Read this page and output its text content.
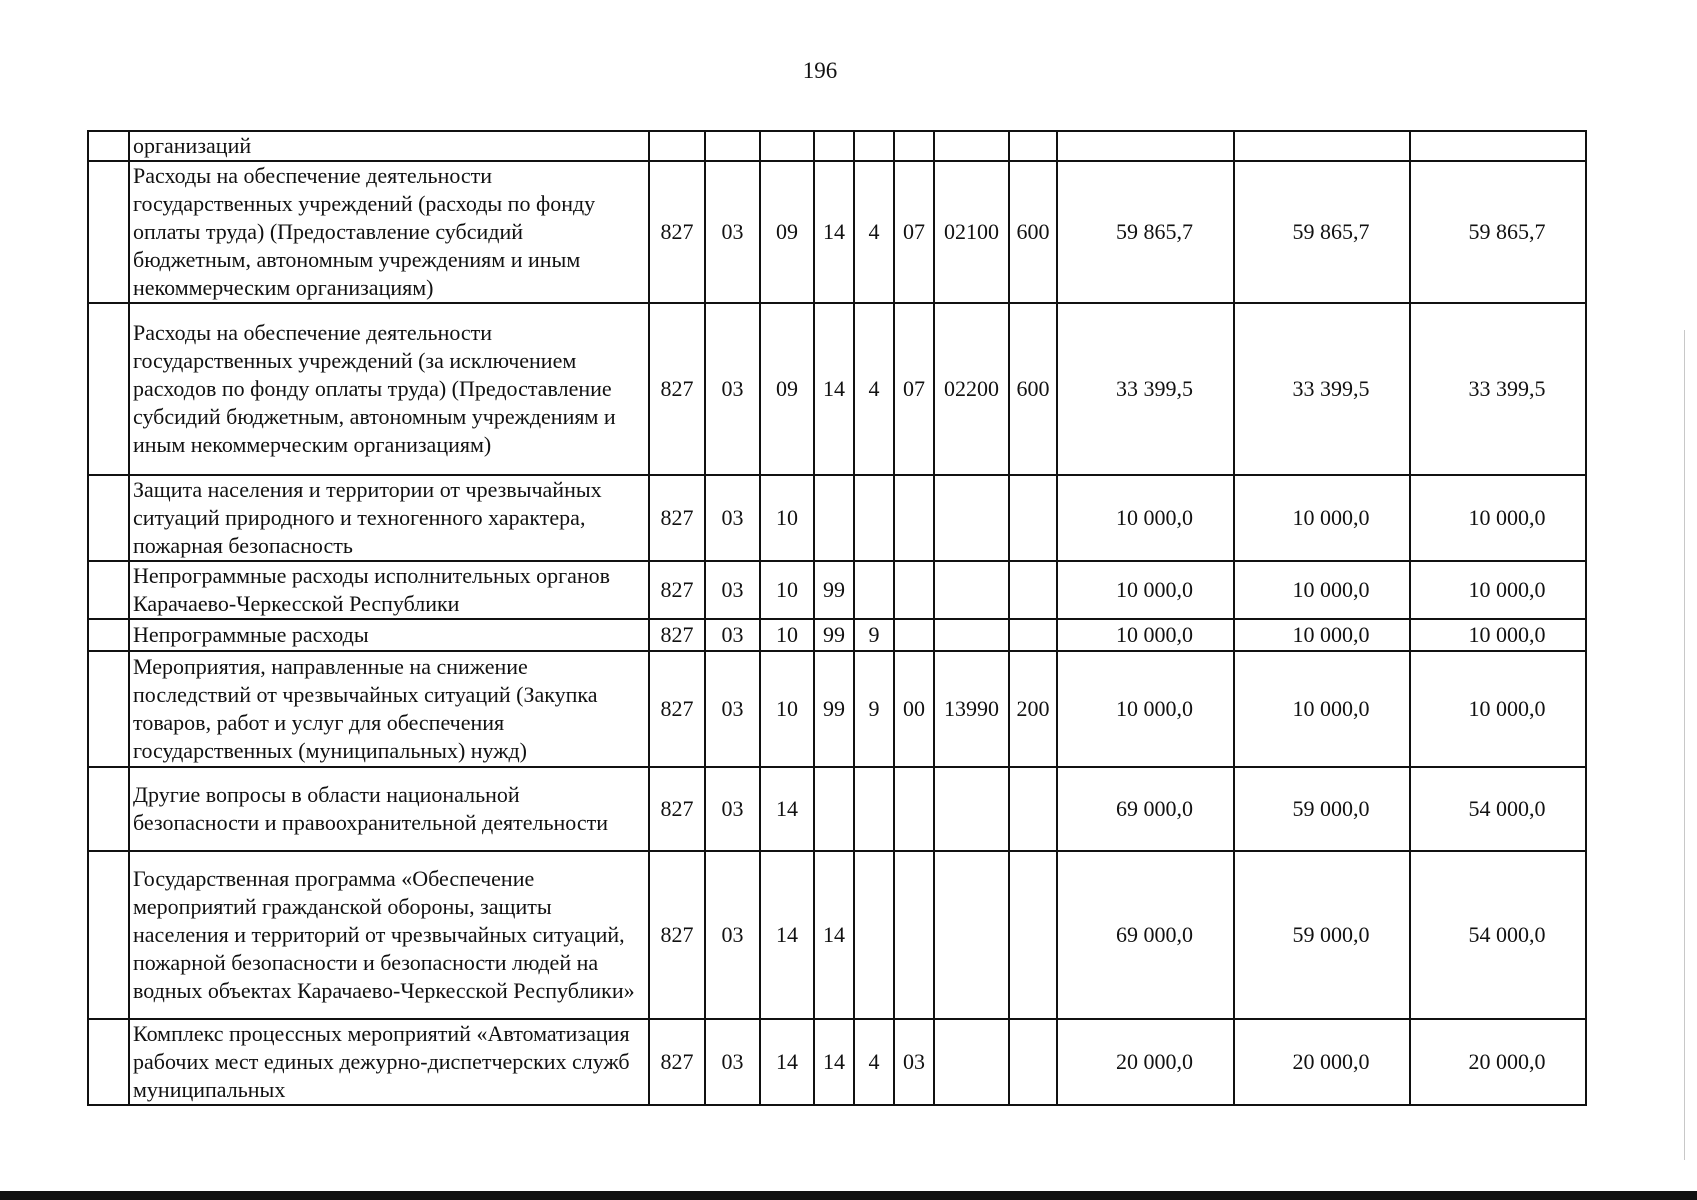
196
	организаций											
	Расходы на обеспечение деятельности государственных учреждений (расходы по фонду оплаты труда) (Предоставление субсидий бюджетным, автономным учреждениям и иным некоммерческим организациям)	827	03	09	14	4	07	02100	600	59 865,7	59 865,7	59 865,7
	Расходы на обеспечение деятельности государственных учреждений (за исключением расходов по фонду оплаты труда) (Предоставление субсидий бюджетным, автономным учреждениям и иным некоммерческим организациям)	827	03	09	14	4	07	02200	600	33 399,5	33 399,5	33 399,5
	Защита населения и территории от чрезвычайных ситуаций природного и техногенного характера, пожарная безопасность	827	03	10						10 000,0	10 000,0	10 000,0
	Непрограммные расходы исполнительных органов Карачаево-Черкесской Республики	827	03	10	99					10 000,0	10 000,0	10 000,0
	Непрограммные расходы	827	03	10	99	9				10 000,0	10 000,0	10 000,0
	Мероприятия, направленные на снижение последствий от чрезвычайных ситуаций (Закупка товаров, работ и услуг для обеспечения государственных (муниципальных) нужд)	827	03	10	99	9	00	13990	200	10 000,0	10 000,0	10 000,0
	Другие вопросы в области национальной безопасности и правоохранительной деятельности	827	03	14						69 000,0	59 000,0	54 000,0
	Государственная программа «Обеспечение мероприятий гражданской обороны, защиты населения и территорий от чрезвычайных ситуаций, пожарной безопасности и безопасности людей на водных объектах Карачаево-Черкесской Республики»	827	03	14	14					69 000,0	59 000,0	54 000,0
	Комплекс процессных мероприятий «Автоматизация рабочих мест единых дежурно-диспетчерских служб муниципальных	827	03	14	14	4	03			20 000,0	20 000,0	20 000,0
